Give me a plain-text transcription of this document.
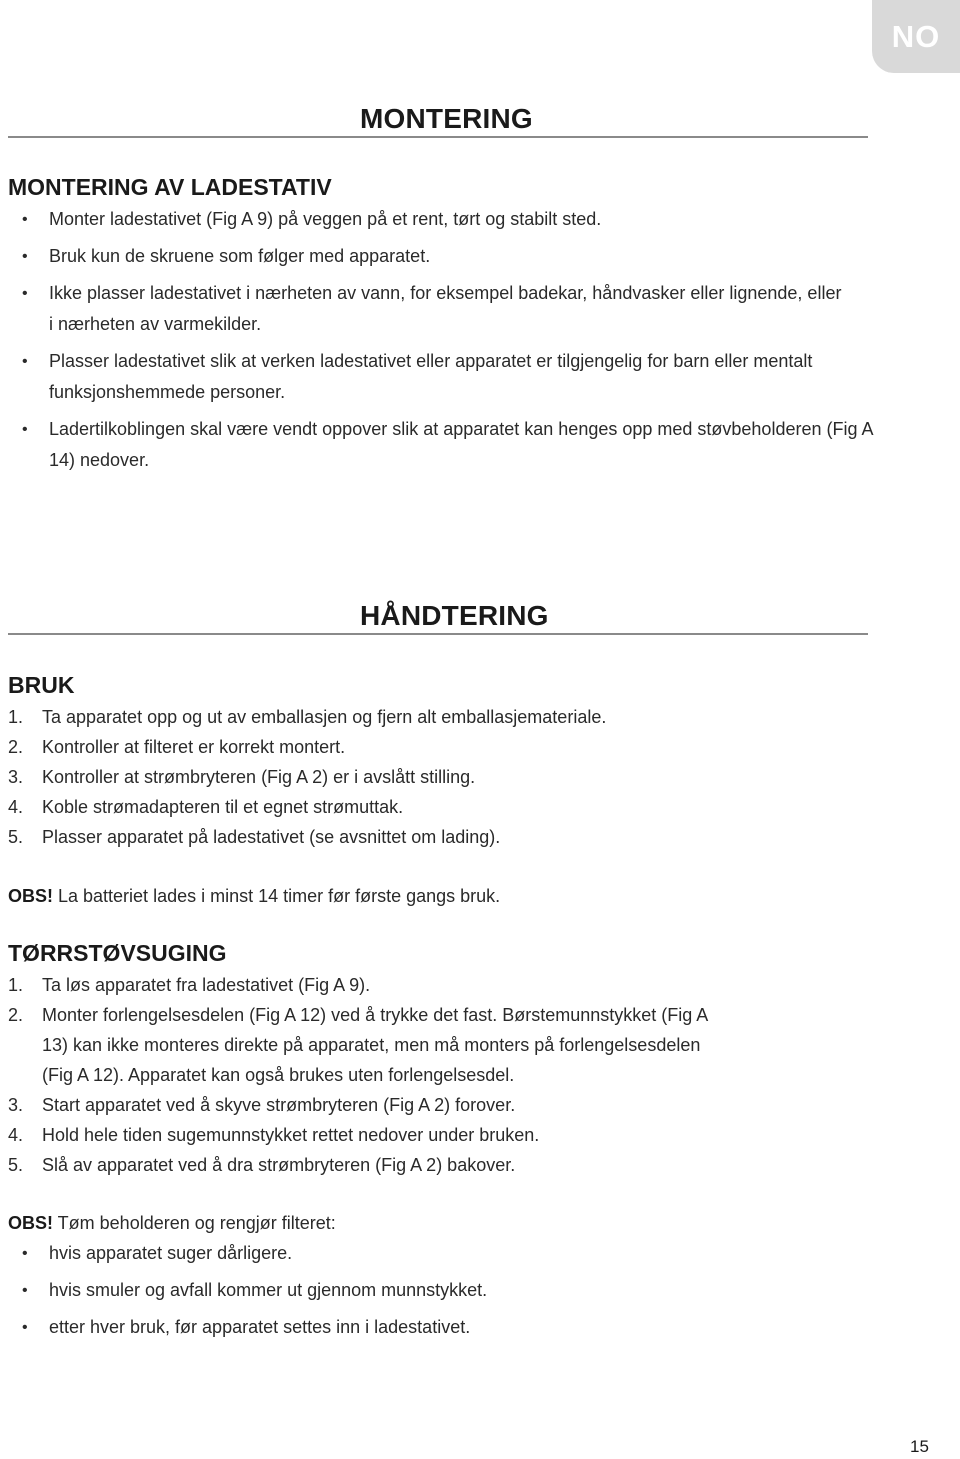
NO
MONTERING
MONTERING AV LADESTATIV
• Monter ladestativet (Fig A 9) på veggen på et rent, tørt og stabilt sted.
• Bruk kun de skruene som følger med apparatet.
• Ikke plasser ladestativet i nærheten av vann, for eksempel badekar, håndvasker eller lignende, eller i nærheten av varmekilder.
• Plasser ladestativet slik at verken ladestativet eller apparatet er tilgjengelig for barn eller mentalt funksjonshemmede personer.
• Ladertilkoblingen skal være vendt oppover slik at apparatet kan henges opp med støvbeholderen (Fig A 14) nedover.
HÅNDTERING
BRUK
1. Ta apparatet opp og ut av emballasjen og fjern alt emballasjemateriale.
2. Kontroller at filteret er korrekt montert.
3. Kontroller at strømbryteren (Fig A 2) er i avslått stilling.
4. Koble strømadapteren til et egnet strømuttak.
5. Plasser apparatet på ladestativet (se avsnittet om lading).
OBS! La batteriet lades i minst 14 timer før første gangs bruk.
TØRRSTØVSUGING
1. Ta løs apparatet fra ladestativet (Fig A 9).
2. Monter forlengelsesdelen (Fig A 12) ved å trykke det fast. Børstemunnstykket (Fig A 13) kan ikke monteres direkte på apparatet, men må monters på forlengelsesdelen (Fig A 12). Apparatet kan også brukes uten forlengelsesdel.
3. Start apparatet ved å skyve strømbryteren (Fig A 2) forover.
4. Hold hele tiden sugemunnstykket rettet nedover under bruken.
5. Slå av apparatet ved å dra strømbryteren (Fig A 2) bakover.
OBS! Tøm beholderen og rengjør filteret:
• hvis apparatet suger dårligere.
• hvis smuler og avfall kommer ut gjennom munnstykket.
• etter hver bruk, før apparatet settes inn i ladestativet.
15
